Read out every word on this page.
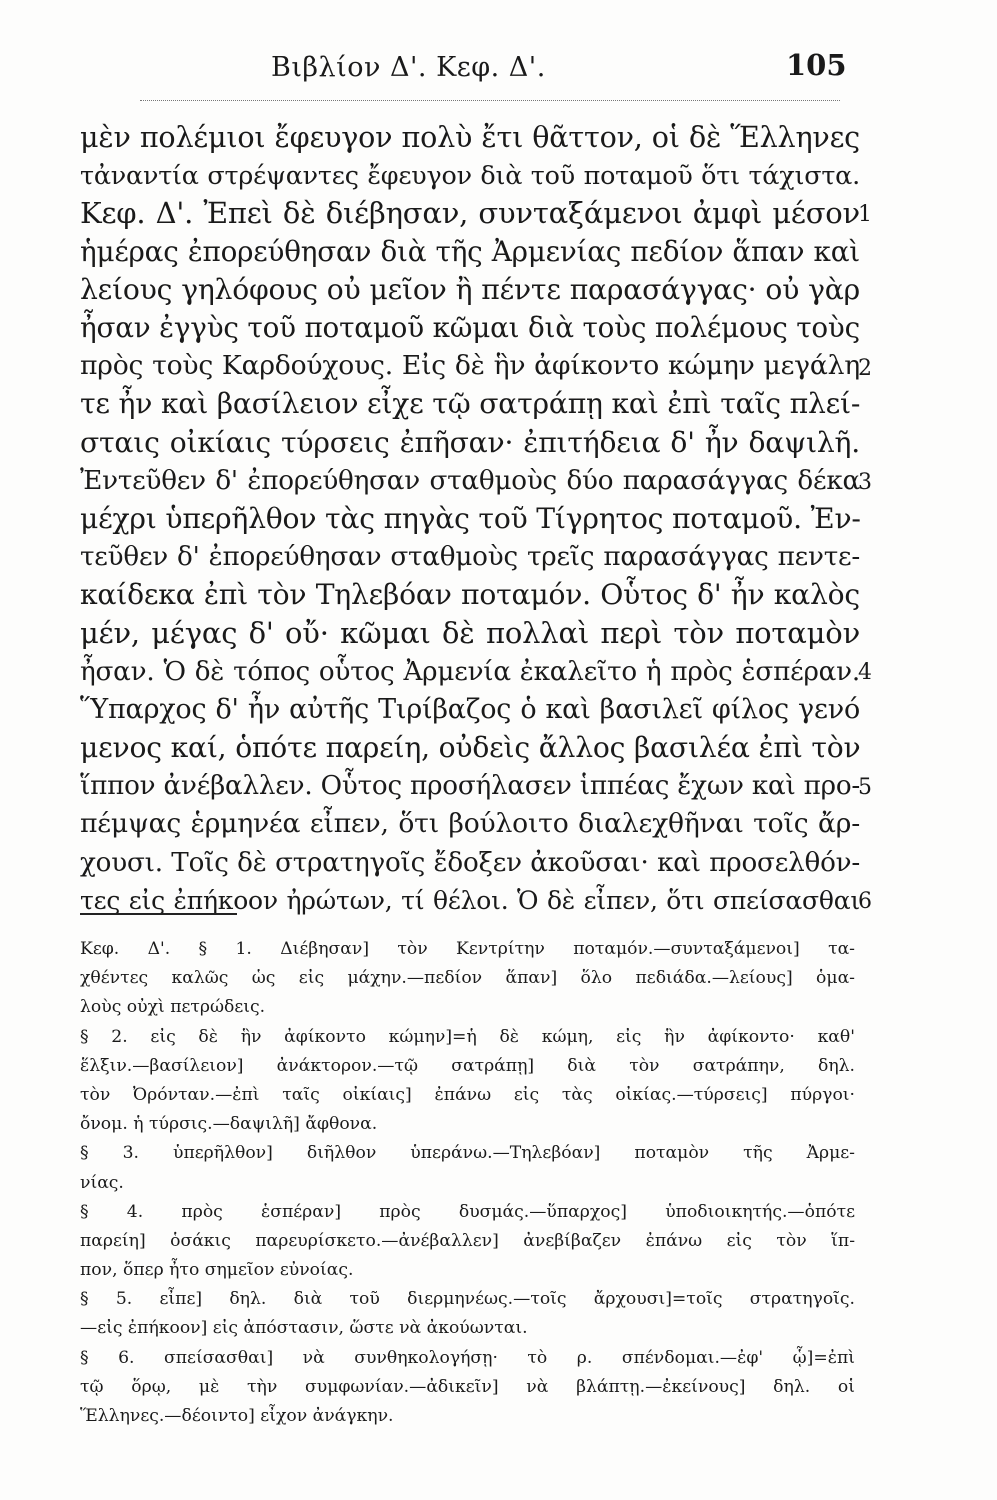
Βιβλίον Δ'. Κεφ. Δ'.	105
μὲν πολέμιοι ἔφευγον πολὺ ἔτι θᾶττον, οἱ δὲ Ἕλληνες
τἀναντία στρέψαντες ἔφευγον διὰ τοῦ ποταμοῦ ὅτι τάχιστα.
Κεφ. Δ'. Ἐπεὶ δὲ διέβησαν, συνταξάμενοι ἀμφὶ μέσον
ἡμέρας ἐπορεύθησαν διὰ τῆς Ἀρμενίας πεδίον ἅπαν καὶ
λείους γηλόφους οὐ μεῖον ἢ πέντε παρασάγγας· οὐ γὰρ
ἦσαν ἐγγὺς τοῦ ποταμοῦ κῶμαι διὰ τοὺς πολέμους τοὺς
πρὸς τοὺς Καρδούχους. Εἰς δὲ ἣν ἀφίκοντο κώμην μεγάλη
τε ἦν καὶ βασίλειον εἶχε τῷ σατράπῃ καὶ ἐπὶ ταῖς πλεί-
σταις οἰκίαις τύρσεις ἐπῆσαν· ἐπιτήδεια δ' ἦν δαψιλῆ.
Ἐντεῦθεν δ' ἐπορεύθησαν σταθμοὺς δύο παρασάγγας δέκα
μέχρι ὑπερῆλθον τὰς πηγὰς τοῦ Τίγρητος ποταμοῦ. Ἐν-
τεῦθεν δ' ἐπορεύθησαν σταθμοὺς τρεῖς παρασάγγας πεντε-
καίδεκα ἐπὶ τὸν Τηλεβόαν ποταμόν. Οὗτος δ' ἦν καλὸς
μέν, μέγας δ' οὔ· κῶμαι δὲ πολλαὶ περὶ τὸν ποταμὸν
ἦσαν. Ὁ δὲ τόπος οὗτος Ἀρμενία ἐκαλεῖτο ἡ πρὸς ἑσπέραν.
Ὕπαρχος δ' ἦν αὐτῆς Τιρίβαζος ὁ καὶ βασιλεῖ φίλος γενό
μενος καί, ὁπότε παρείη, οὐδεὶς ἄλλος βασιλέα ἐπὶ τὸν
ἵππον ἀνέβαλλεν. Οὗτος προσήλασεν ἱππέας ἔχων καὶ προ-
πέμψας ἑρμηνέα εἶπεν, ὅτι βούλοιτο διαλεχθῆναι τοῖς ἄρ-
χουσι. Τοῖς δὲ στρατηγοῖς ἔδοξεν ἀκοῦσαι· καὶ προσελθόν-
τες εἰς ἐπήκοον ἠρώτων, τί θέλοι. Ὁ δὲ εἶπεν, ὅτι σπείσασθαι
1
2
3
4
5
6
Κεφ. Δ'. § 1. Διέβησαν] τὸν Κεντρίτην ποταμόν.—συνταξάμενοι] τα-
χθέντες καλῶς ὡς εἰς μάχην.—πεδίον ἅπαν] ὅλο πεδιάδα.—λείους] ὁμα-
λοὺς οὐχὶ πετρώδεις.
§ 2. εἰς δὲ ἣν ἀφίκοντο κώμην]=ἡ δὲ κώμη, εἰς ἣν ἀφίκοντο· καθ'
ἕλξιν.—βασίλειον] ἀνάκτορον.—τῷ σατράπῃ] διὰ τὸν σατράπην, δηλ.
τὸν Ὀρόνταν.—ἐπὶ ταῖς οἰκίαις] ἐπάνω εἰς τὰς οἰκίας.—τύρσεις] πύργοι·
ὄνομ. ἡ τύρσις.—δαψιλῆ] ἄφθονα.
§ 3. ὑπερῆλθον] διῆλθον ὑπεράνω.—Τηλεβόαν] ποταμὸν τῆς Ἀρμε-
νίας.
§ 4. πρὸς ἑσπέραν] πρὸς δυσμάς.—ὕπαρχος] ὑποδιοικητής.—ὁπότε
παρείη] ὁσάκις παρευρίσκετο.—ἀνέβαλλεν] ἀνεβίβαζεν ἐπάνω εἰς τὸν ἵπ-
πον, ὅπερ ἦτο σημεῖον εὐνοίας.
§ 5. εἶπε] δηλ. διὰ τοῦ διερμηνέως.—τοῖς ἄρχουσι]=τοῖς στρατηγοῖς.
—εἰς ἐπήκοον] εἰς ἀπόστασιν, ὥστε νὰ ἀκούωνται.
§ 6. σπείσασθαι] νὰ συνθηκολογήσῃ· τὸ ρ. σπένδομαι.—ἐφ' ᾧ]=ἐπὶ
τῷ ὅρῳ, μὲ τὴν συμφωνίαν.—ἀδικεῖν] νὰ βλάπτῃ.—ἐκείνους] δηλ. οἱ
Ἕλληνες.—δέοιντο] εἶχον ἀνάγκην.
